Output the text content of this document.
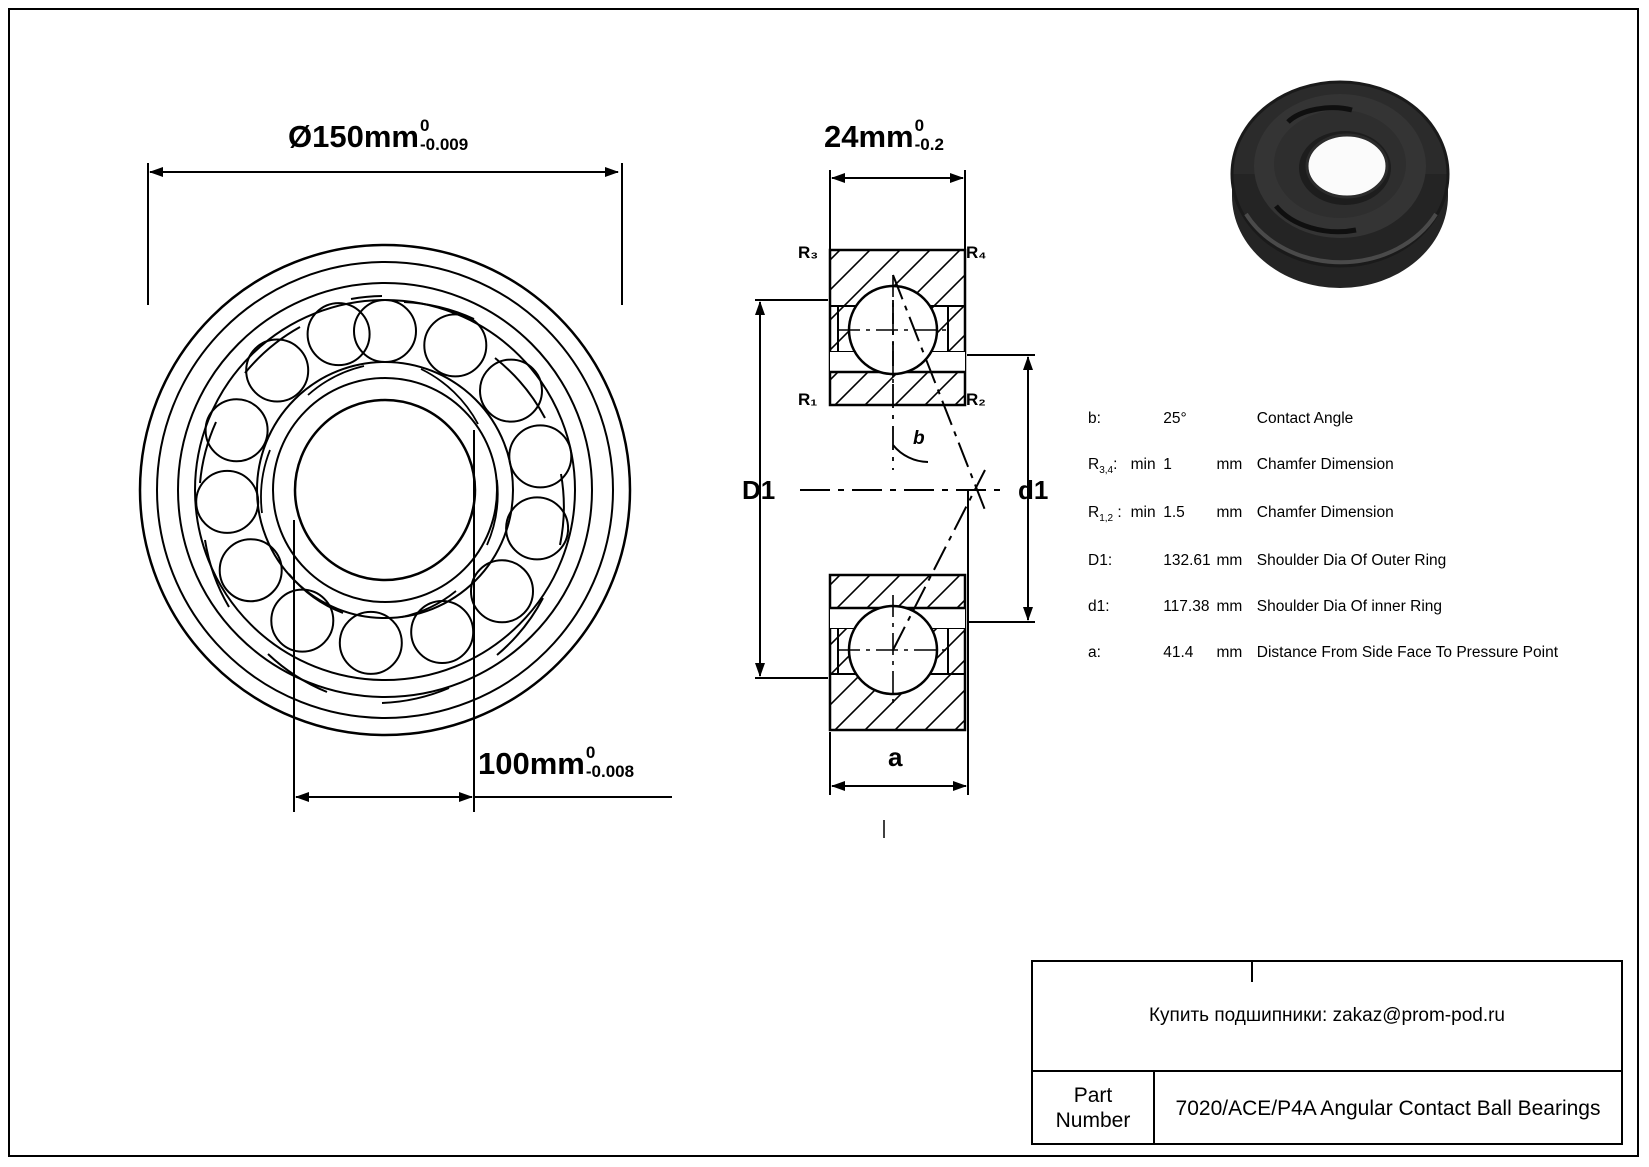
Ø150mm 0
-0.009
100mm 0
-0.008
24mm 0
-0.2
R₃	R₄
R₁	R₂
D1	d1
b
a
b:		25°		Contact Angle
$R_{3,4}$:	min	1	mm	Chamfer Dimension
$R_{1,2}$ :	min	1.5	mm	Chamfer Dimension
D1:		132.61	mm	Shoulder Dia Of Outer Ring
d1:		117.38	mm	Shoulder Dia Of inner Ring
a:		41.4	mm	Distance From Side Face To Pressure Point
Купить подшипники: zakaz@prom-pod.ru
Part
Number
7020/ACE/P4A Angular Contact Ball Bearings
